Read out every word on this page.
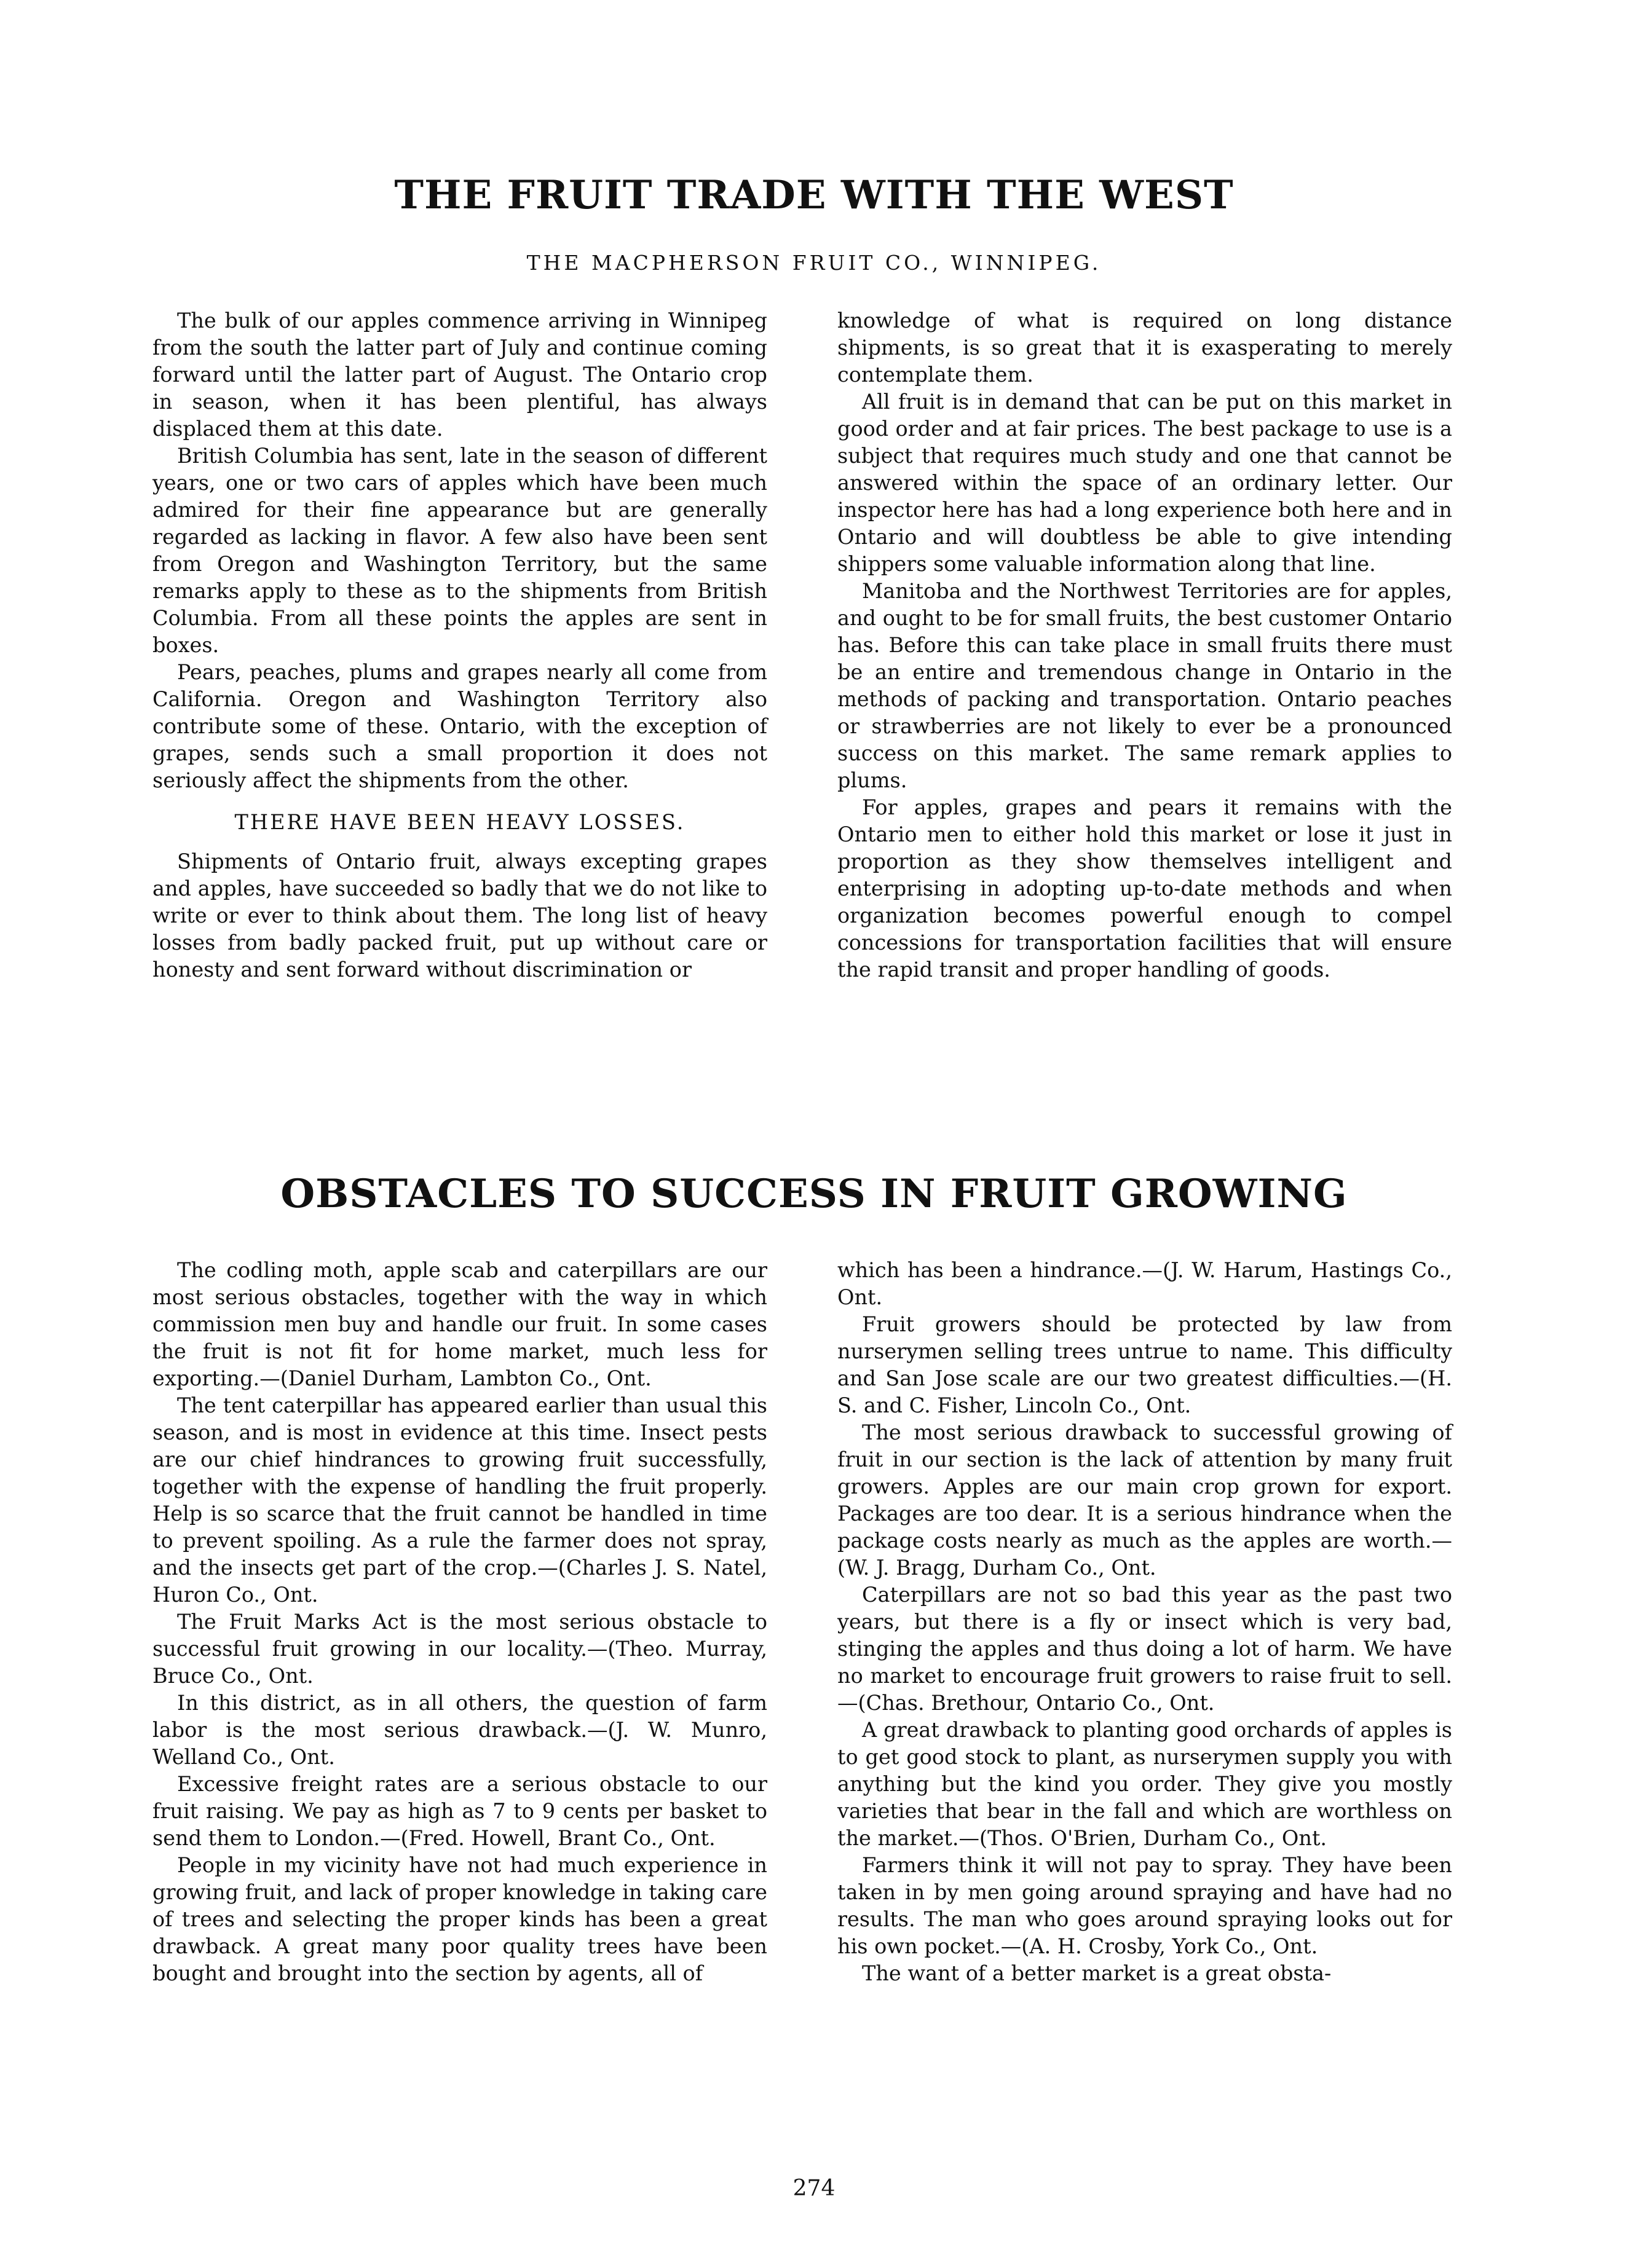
THE FRUIT TRADE WITH THE WEST
THE MACPHERSON FRUIT CO., WINNIPEG.

The bulk of our apples commence arriving in Winnipeg from the south the latter part of July and continue coming forward until the latter part of August. The Ontario crop in season, when it has been plentiful, has always displaced them at this date.

British Columbia has sent, late in the season of different years, one or two cars of apples which have been much admired for their fine appearance but are generally regarded as lacking in flavor. A few also have been sent from Oregon and Washington Territory, but the same remarks apply to these as to the shipments from British Columbia. From all these points the apples are sent in boxes.

Pears, peaches, plums and grapes nearly all come from California. Oregon and Washington Territory also contribute some of these. Ontario, with the exception of grapes, sends such a small proportion it does not seriously affect the shipments from the other.

THERE HAVE BEEN HEAVY LOSSES.

Shipments of Ontario fruit, always excepting grapes and apples, have succeeded so badly that we do not like to write or ever to think about them. The long list of heavy losses from badly packed fruit, put up without care or honesty and sent forward without discrimination or

knowledge of what is required on long distance shipments, is so great that it is exasperating to merely contemplate them.

All fruit is in demand that can be put on this market in good order and at fair prices. The best package to use is a subject that requires much study and one that cannot be answered within the space of an ordinary letter. Our inspector here has had a long experience both here and in Ontario and will doubtless be able to give intending shippers some valuable information along that line.

Manitoba and the Northwest Territories are for apples, and ought to be for small fruits, the best customer Ontario has. Before this can take place in small fruits there must be an entire and tremendous change in Ontario in the methods of packing and transportation. Ontario peaches or strawberries are not likely to ever be a pronounced success on this market. The same remark applies to plums.

For apples, grapes and pears it remains with the Ontario men to either hold this market or lose it just in proportion as they show themselves intelligent and enterprising in adopting up-to-date methods and when organization becomes powerful enough to compel concessions for transportation facilities that will ensure the rapid transit and proper handling of goods.

OBSTACLES TO SUCCESS IN FRUIT GROWING

The codling moth, apple scab and caterpillars are our most serious obstacles, together with the way in which commission men buy and handle our fruit. In some cases the fruit is not fit for home market, much less for exporting.—(Daniel Durham, Lambton Co., Ont.

The tent caterpillar has appeared earlier than usual this season, and is most in evidence at this time. Insect pests are our chief hindrances to growing fruit successfully, together with the expense of handling the fruit properly. Help is so scarce that the fruit cannot be handled in time to prevent spoiling. As a rule the farmer does not spray, and the insects get part of the crop.—(Charles J. S. Natel, Huron Co., Ont.

The Fruit Marks Act is the most serious obstacle to successful fruit growing in our locality.—(Theo. Murray, Bruce Co., Ont.

In this district, as in all others, the question of farm labor is the most serious drawback.—(J. W. Munro, Welland Co., Ont.

Excessive freight rates are a serious obstacle to our fruit raising. We pay as high as 7 to 9 cents per basket to send them to London.—(Fred. Howell, Brant Co., Ont.

People in my vicinity have not had much experience in growing fruit, and lack of proper knowledge in taking care of trees and selecting the proper kinds has been a great drawback. A great many poor quality trees have been bought and brought into the section by agents, all of

which has been a hindrance.—(J. W. Harum, Hastings Co., Ont.

Fruit growers should be protected by law from nurserymen selling trees untrue to name. This difficulty and San Jose scale are our two greatest difficulties.—(H. S. and C. Fisher, Lincoln Co., Ont.

The most serious drawback to successful growing of fruit in our section is the lack of attention by many fruit growers. Apples are our main crop grown for export. Packages are too dear. It is a serious hindrance when the package costs nearly as much as the apples are worth.—(W. J. Bragg, Durham Co., Ont.

Caterpillars are not so bad this year as the past two years, but there is a fly or insect which is very bad, stinging the apples and thus doing a lot of harm. We have no market to encourage fruit growers to raise fruit to sell.—(Chas. Brethour, Ontario Co., Ont.

A great drawback to planting good orchards of apples is to get good stock to plant, as nurserymen supply you with anything but the kind you order. They give you mostly varieties that bear in the fall and which are worthless on the market.—(Thos. O'Brien, Durham Co., Ont.

Farmers think it will not pay to spray. They have been taken in by men going around spraying and have had no results. The man who goes around spraying looks out for his own pocket.—(A. H. Crosby, York Co., Ont.

The want of a better market is a great obsta-

274
